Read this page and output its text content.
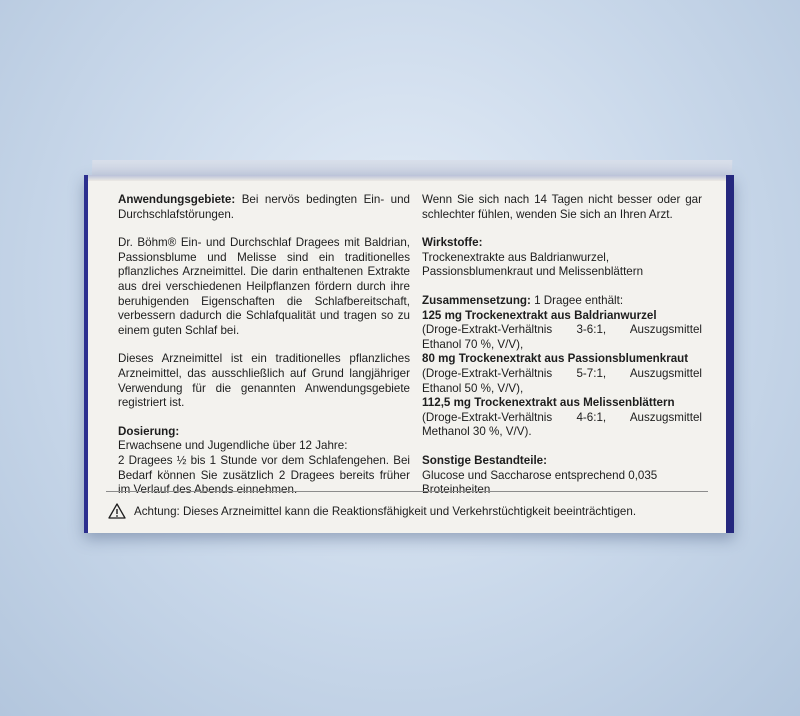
Anwendungsgebiete: Bei nervös bedingten Ein- und Durchschlafstörungen.

Dr. Böhm® Ein- und Durchschlaf Dragees mit Baldrian, Passionsblume und Melisse sind ein traditionelles pflanzliches Arzneimittel. Die darin enthaltenen Extrakte aus drei verschiedenen Heilpflanzen fördern durch ihre beruhigenden Eigenschaften die Schlafbereitschaft, verbessern dadurch die Schlafqualität und tragen so zu einem guten Schlaf bei.

Dieses Arzneimittel ist ein traditionelles pflanzliches Arzneimittel, das ausschließlich auf Grund langjähriger Verwendung für die genannten Anwendungsgebiete registriert ist.

Dosierung:
Erwachsene und Jugendliche über 12 Jahre:
2 Dragees ½ bis 1 Stunde vor dem Schlafengehen. Bei Bedarf können Sie zusätzlich 2 Dragees bereits früher im Verlauf des Abends einnehmen.

Wenn Sie sich nach 14 Tagen nicht besser oder gar schlechter fühlen, wenden Sie sich an Ihren Arzt.

Wirkstoffe:
Trockenextrakte aus Baldrianwurzel, Passionsblumenkraut und Melissenblättern
Zusammensetzung: 1 Dragee enthält:
125 mg Trockenextrakt aus Baldrianwurzel
(Droge-Extrakt-Verhältnis 3-6:1, Auszugsmittel Ethanol 70 %, V/V),
80 mg Trockenextrakt aus Passionsblumenkraut
(Droge-Extrakt-Verhältnis 5-7:1, Auszugsmittel Ethanol 50 %, V/V),
112,5 mg Trockenextrakt aus Melissenblättern
(Droge-Extrakt-Verhältnis 4-6:1, Auszugsmittel Methanol 30 %, V/V).
Sonstige Bestandteile:
Glucose und Saccharose entsprechend 0,035 Broteinheiten
Achtung: Dieses Arzneimittel kann die Reaktionsfähigkeit und Verkehrstüchtigkeit beeinträchtigen.
